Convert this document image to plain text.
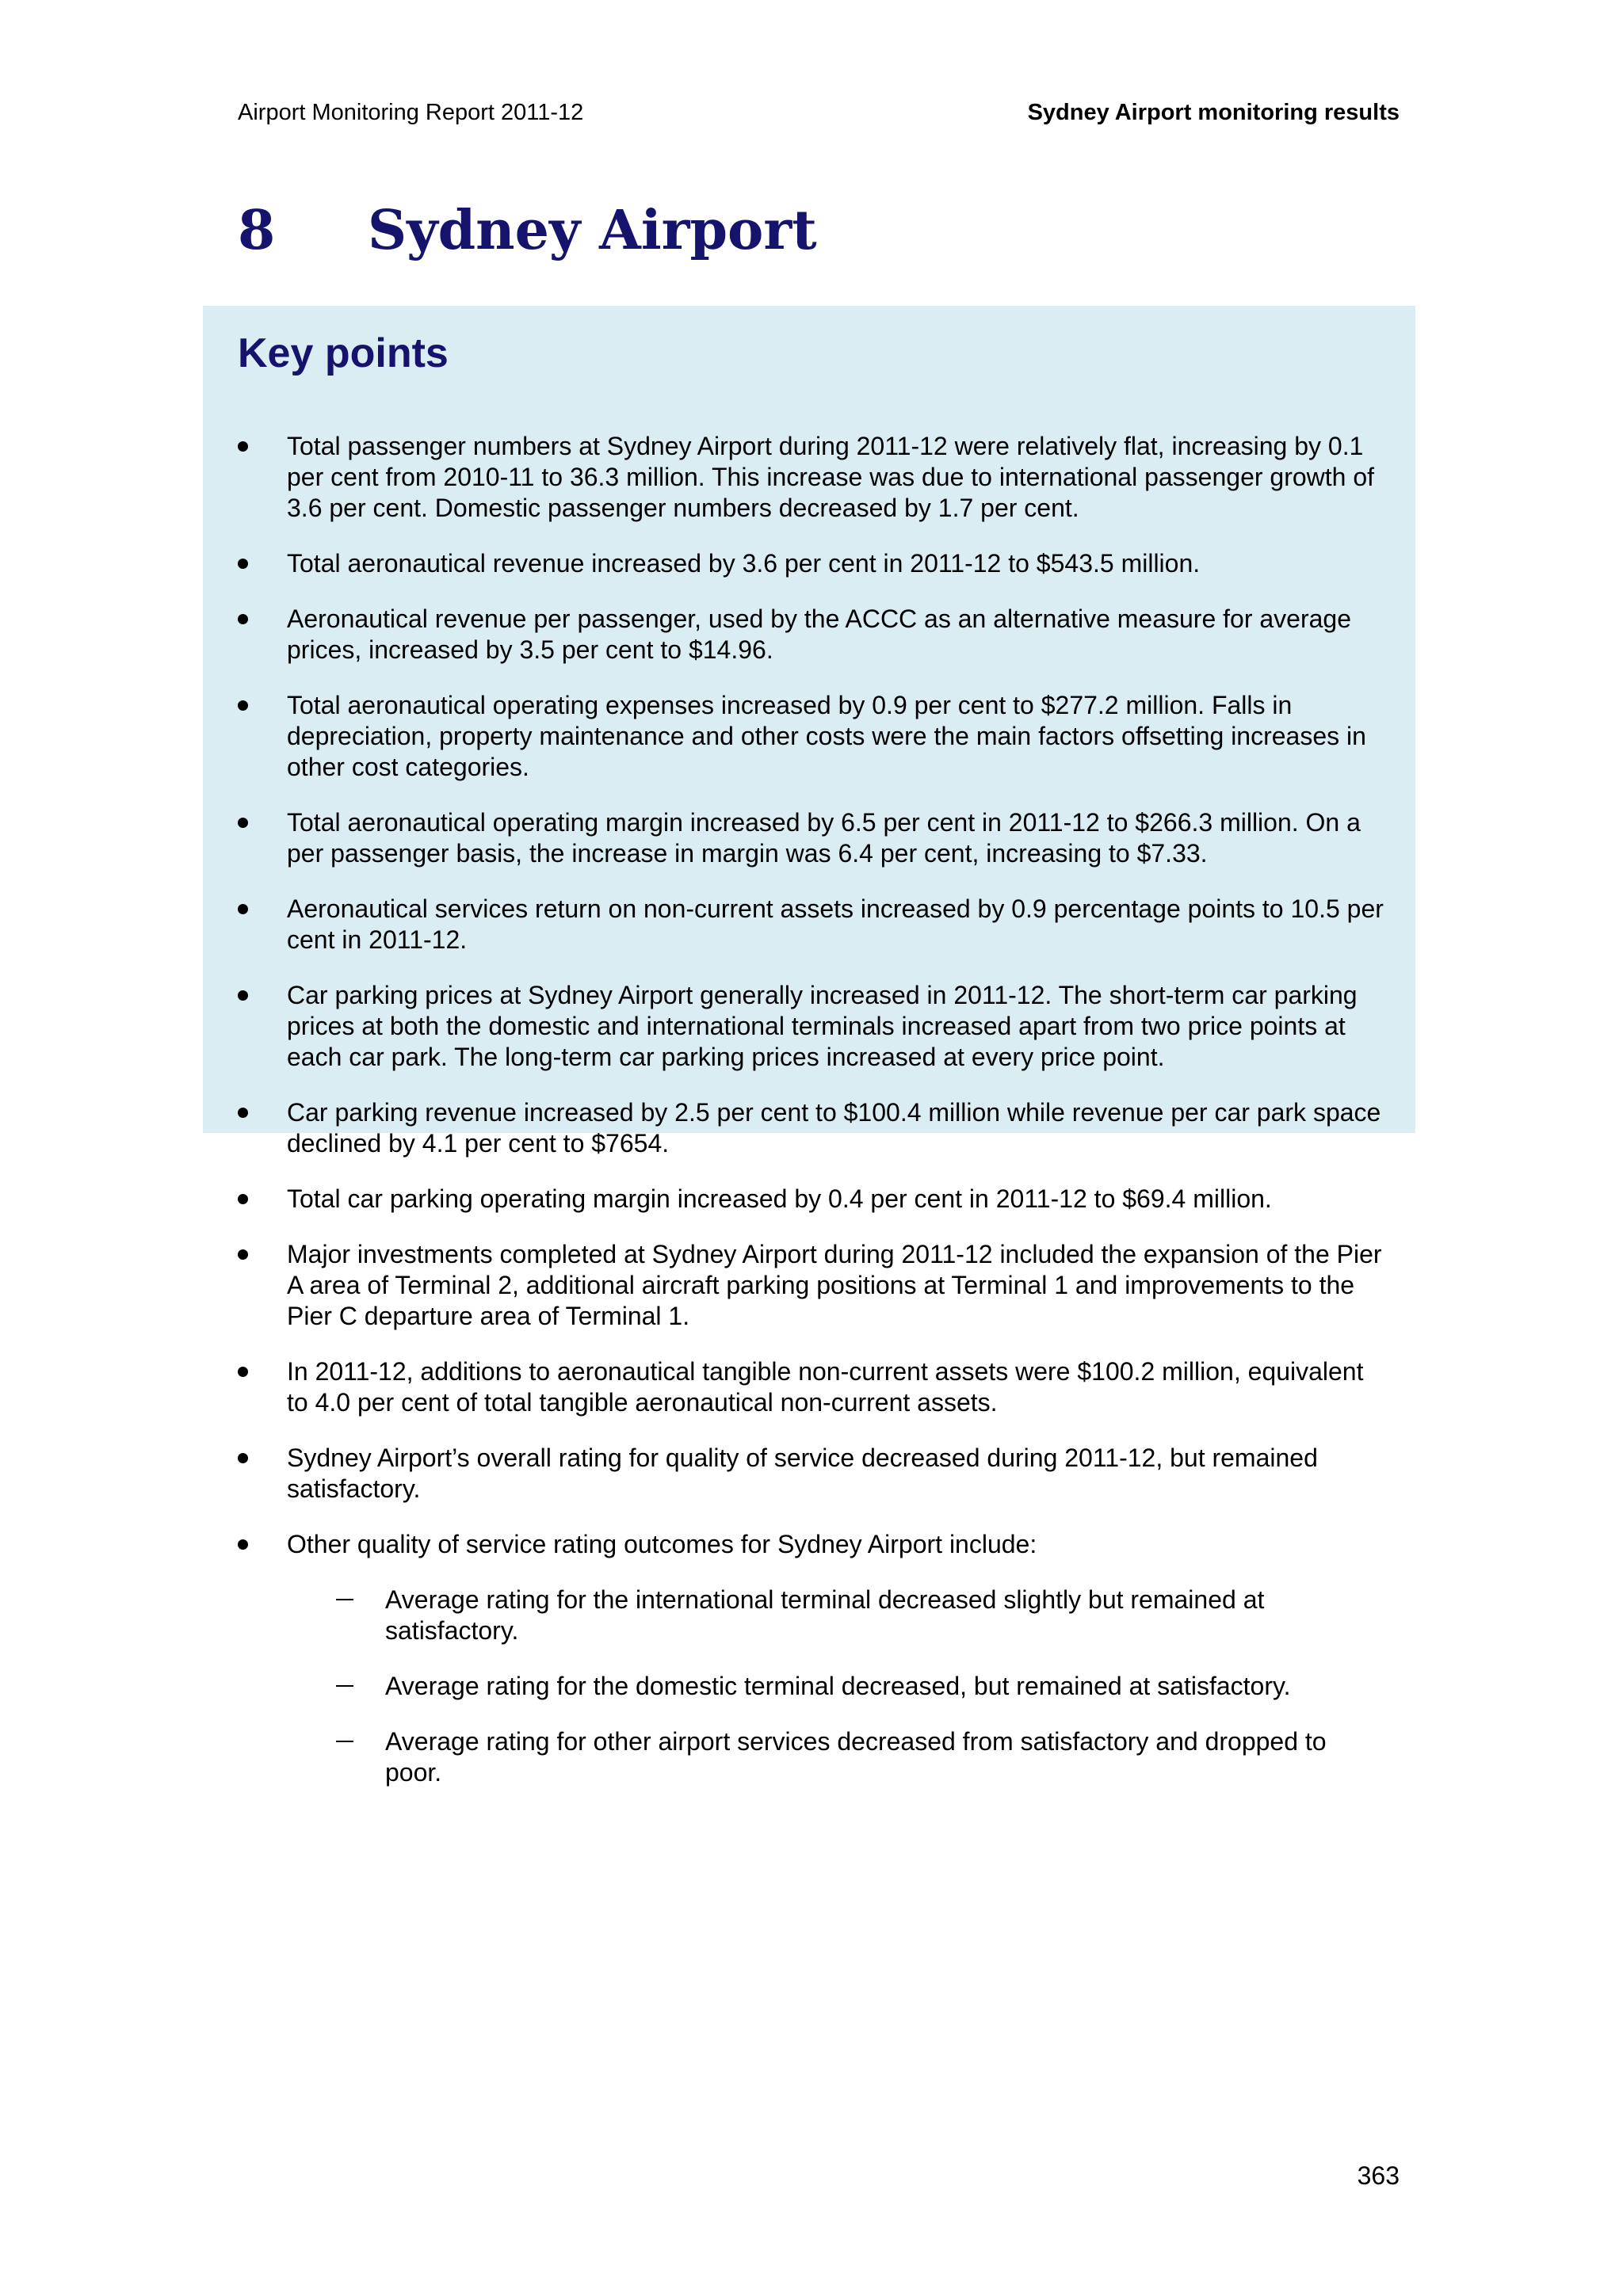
Airport Monitoring Report 2011-12	Sydney Airport monitoring results
8 Sydney Airport
Key points
Total passenger numbers at Sydney Airport during 2011-12 were relatively flat, increasing by 0.1 per cent from 2010-11 to 36.3 million. This increase was due to international passenger growth of 3.6 per cent. Domestic passenger numbers decreased by 1.7 per cent.
Total aeronautical revenue increased by 3.6 per cent in 2011-12 to $543.5 million.
Aeronautical revenue per passenger, used by the ACCC as an alternative measure for average prices, increased by 3.5 per cent to $14.96.
Total aeronautical operating expenses increased by 0.9 per cent to $277.2 million. Falls in depreciation, property maintenance and other costs were the main factors offsetting increases in other cost categories.
Total aeronautical operating margin increased by 6.5 per cent in 2011-12 to $266.3 million. On a per passenger basis, the increase in margin was 6.4 per cent, increasing to $7.33.
Aeronautical services return on non-current assets increased by 0.9 percentage points to 10.5 per cent in 2011-12.
Car parking prices at Sydney Airport generally increased in 2011-12. The short-term car parking prices at both the domestic and international terminals increased apart from two price points at each car park. The long-term car parking prices increased at every price point.
Car parking revenue increased by 2.5 per cent to $100.4 million while revenue per car park space declined by 4.1 per cent to $7654.
Total car parking operating margin increased by 0.4 per cent in 2011-12 to $69.4 million.
Major investments completed at Sydney Airport during 2011-12 included the expansion of the Pier A area of Terminal 2, additional aircraft parking positions at Terminal 1 and improvements to the Pier C departure area of Terminal 1.
In 2011-12, additions to aeronautical tangible non-current assets were $100.2 million, equivalent to 4.0 per cent of total tangible aeronautical non-current assets.
Sydney Airport’s overall rating for quality of service decreased during 2011-12, but remained satisfactory.
Other quality of service rating outcomes for Sydney Airport include:
Average rating for the international terminal decreased slightly but remained at satisfactory.
Average rating for the domestic terminal decreased, but remained at satisfactory.
Average rating for other airport services decreased from satisfactory and dropped to poor.
363
